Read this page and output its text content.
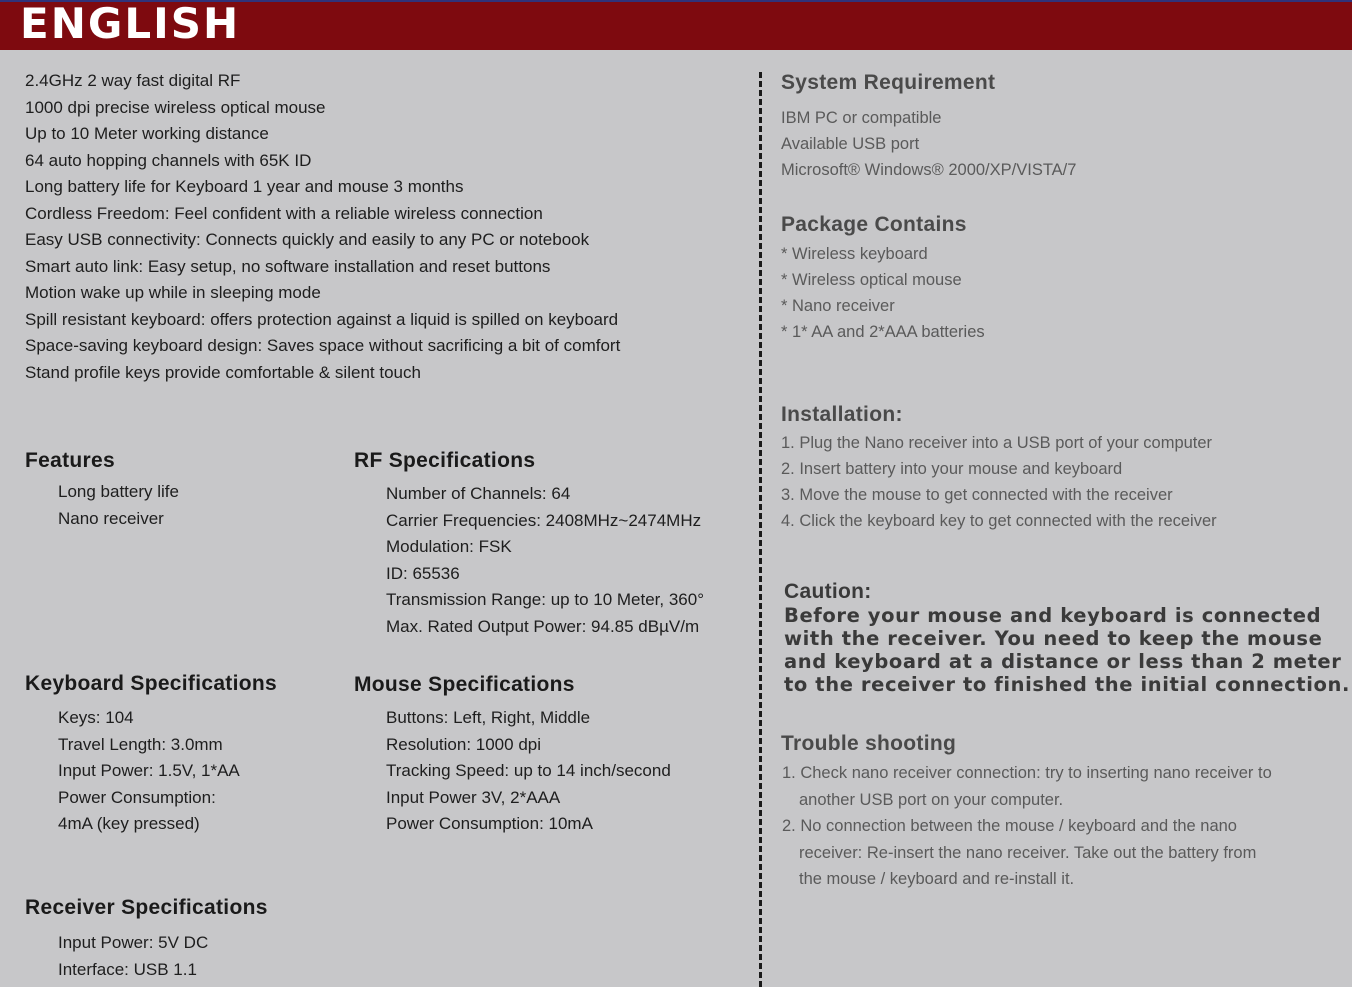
ENGLISH
2.4GHz 2 way fast digital RF
1000 dpi precise wireless optical mouse
Up to 10 Meter working distance
64 auto hopping channels with 65K ID
Long battery life for Keyboard 1 year and mouse 3 months
Cordless Freedom: Feel confident with a reliable wireless connection
Easy USB connectivity: Connects quickly and easily to any PC or notebook
Smart auto link: Easy setup, no software installation and reset buttons
Motion wake up while in sleeping mode
Spill resistant keyboard: offers protection against a liquid is spilled on keyboard
Space-saving keyboard design: Saves space without sacrificing a bit of comfort
Stand profile keys provide comfortable & silent touch
Features
Long battery life
Nano receiver
RF Specifications
Number of Channels: 64
Carrier Frequencies: 2408MHz~2474MHz
Modulation: FSK
ID: 65536
Transmission Range: up to 10 Meter, 360°
Max. Rated Output Power: 94.85 dBµV/m
Keyboard Specifications
Keys: 104
Travel Length: 3.0mm
Input Power: 1.5V, 1*AA
Power Consumption:
4mA (key pressed)
Mouse Specifications
Buttons: Left, Right, Middle
Resolution: 1000 dpi
Tracking Speed: up to 14 inch/second
Input Power 3V, 2*AAA
Power Consumption: 10mA
Receiver Specifications
Input Power: 5V DC
Interface: USB 1.1
System Requirement
IBM PC or compatible
Available USB port
Microsoft® Windows® 2000/XP/VISTA/7
Package Contains
* Wireless keyboard
* Wireless optical mouse
* Nano receiver
* 1* AA and 2*AAA batteries
Installation:
1. Plug the Nano receiver into a USB port of your computer
2. Insert battery into your mouse and keyboard
3. Move the mouse to get connected with the receiver
4. Click the keyboard key to get connected with the receiver
Caution:
Before your mouse and keyboard is connected
with the receiver. You need to keep the mouse
and keyboard at a distance or less than 2 meter
to the receiver to finished the initial connection.
Trouble shooting
1. Check nano receiver connection: try to inserting nano receiver to
another USB port on your computer.
2. No connection between the mouse / keyboard and the nano
receiver: Re-insert the nano receiver. Take out the battery from
the mouse / keyboard and re-install it.
